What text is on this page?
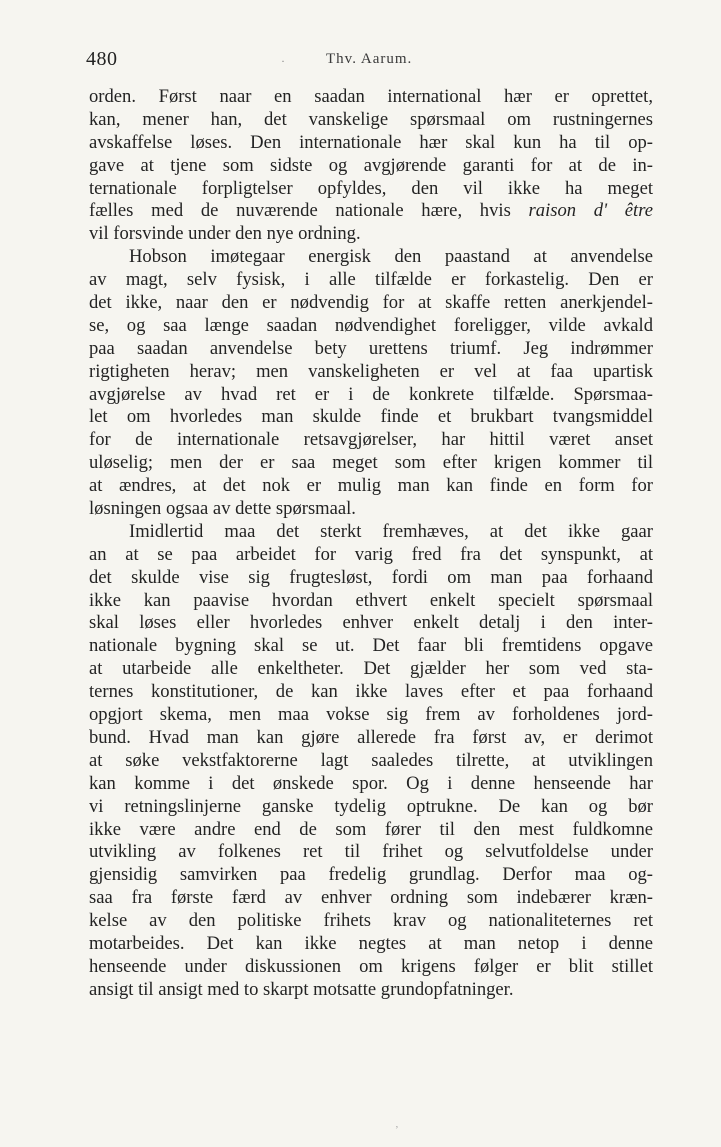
480	·	Thv. Aarum.
orden. Først naar en saadan international hær er oprettet,
kan, mener han, det vanskelige spørsmaal om rustningernes
avskaffelse løses. Den internationale hær skal kun ha til op-
gave at tjene som sidste og avgjørende garanti for at de in-
ternationale forpligtelser opfyldes, den vil ikke ha meget
fælles med de nuværende nationale hære, hvis raison d' être
vil forsvinde under den nye ordning.
Hobson imøtegaar energisk den paastand at anvendelse
av magt, selv fysisk, i alle tilfælde er forkastelig. Den er
det ikke, naar den er nødvendig for at skaffe retten anerkjendel-
se, og saa længe saadan nødvendighet foreligger, vilde avkald
paa saadan anvendelse bety urettens triumf. Jeg indrømmer
rigtigheten herav; men vanskeligheten er vel at faa upartisk
avgjørelse av hvad ret er i de konkrete tilfælde. Spørsmaa-
let om hvorledes man skulde finde et brukbart tvangsmiddel
for de internationale retsavgjørelser, har hittil været anset
uløselig; men der er saa meget som efter krigen kommer til
at ændres, at det nok er mulig man kan finde en form for
løsningen ogsaa av dette spørsmaal.
Imidlertid maa det sterkt fremhæves, at det ikke gaar
an at se paa arbeidet for varig fred fra det synspunkt, at
det skulde vise sig frugtesløst, fordi om man paa forhaand
ikke kan paavise hvordan ethvert enkelt specielt spørsmaal
skal løses eller hvorledes enhver enkelt detalj i den inter-
nationale bygning skal se ut. Det faar bli fremtidens opgave
at utarbeide alle enkeltheter. Det gjælder her som ved sta-
ternes konstitutioner, de kan ikke laves efter et paa forhaand
opgjort skema, men maa vokse sig frem av forholdenes jord-
bund. Hvad man kan gjøre allerede fra først av, er derimot
at søke vekstfaktorerne lagt saaledes tilrette, at utviklingen
kan komme i det ønskede spor. Og i denne henseende har
vi retningslinjerne ganske tydelig optrukne. De kan og bør
ikke være andre end de som fører til den mest fuldkomne
utvikling av folkenes ret til frihet og selvutfoldelse under
gjensidig samvirken paa fredelig grundlag. Derfor maa og-
saa fra første færd av enhver ordning som indebærer kræn-
kelse av den politiske frihets krav og nationaliteternes ret
motarbeides. Det kan ikke negtes at man netop i denne
henseende under diskussionen om krigens følger er blit stillet
ansigt til ansigt med to skarpt motsatte grundopfatninger.
‚
